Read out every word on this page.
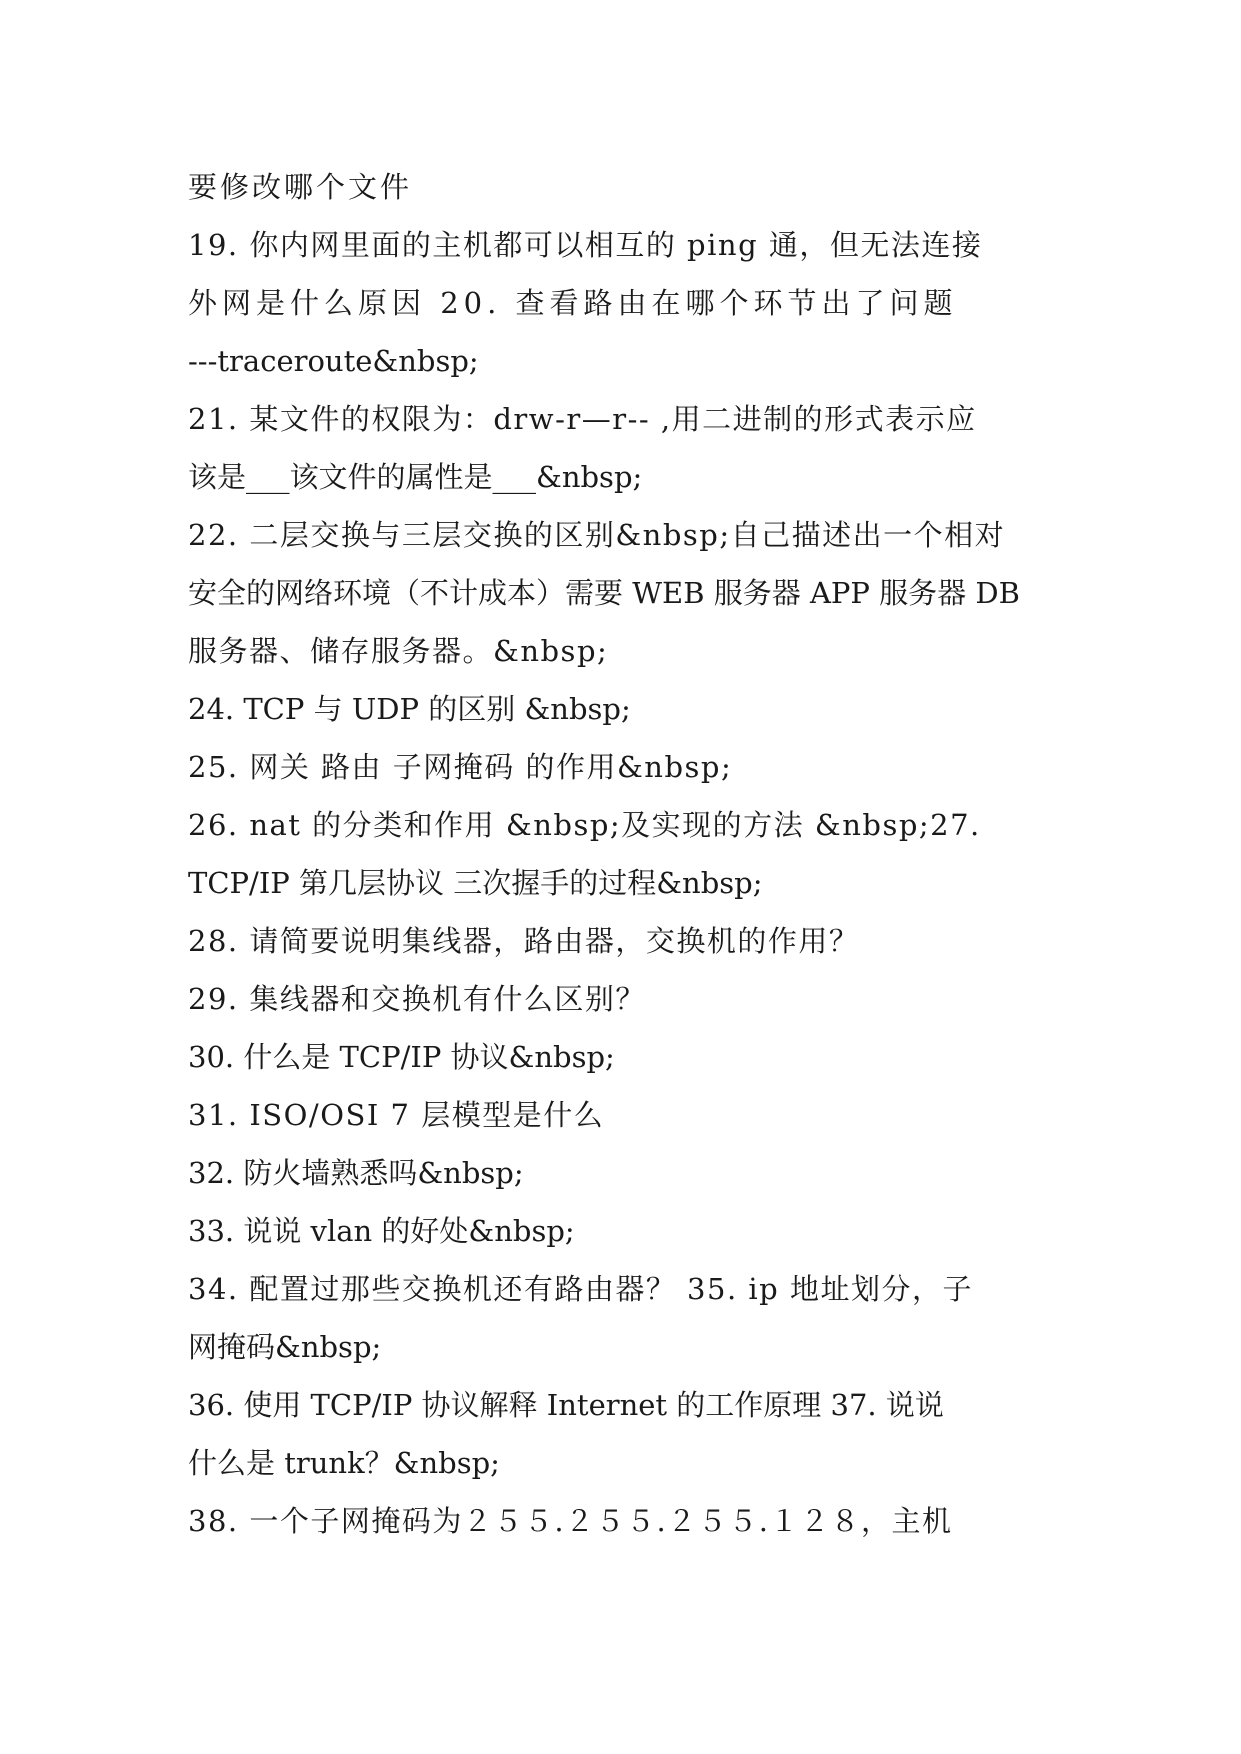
要修改哪个文件
19. 你内网里面的主机都可以相互的 ping 通，但无法连接
外网是什么原因 20. 查看路由在哪个环节出了问题
---traceroute&nbsp;
21. 某文件的权限为：drw-r—r-- ,用二进制的形式表示应
该是___该文件的属性是___&nbsp;
22. 二层交换与三层交换的区别&nbsp;自己描述出一个相对
安全的网络环境（不计成本）需要 WEB 服务器 APP 服务器 DB
服务器、储存服务器。&nbsp;
24. TCP 与 UDP 的区别 &nbsp;
25. 网关 路由 子网掩码 的作用&nbsp;
26. nat 的分类和作用 &nbsp;及实现的方法 &nbsp;27.
TCP/IP 第几层协议 三次握手的过程&nbsp;
28. 请简要说明集线器，路由器，交换机的作用？
29. 集线器和交换机有什么区别？
30. 什么是 TCP/IP 协议&nbsp;
31. ISO/OSI 7 层模型是什么
32. 防火墙熟悉吗&nbsp;
33. 说说 vlan 的好处&nbsp;
34. 配置过那些交换机还有路由器？ 35. ip 地址划分，子
网掩码&nbsp;
36. 使用 TCP/IP 协议解释 Internet 的工作原理 37. 说说
什么是 trunk？&nbsp;
38. 一个子网掩码为２５５.２５５.２５５.１２８，主机
